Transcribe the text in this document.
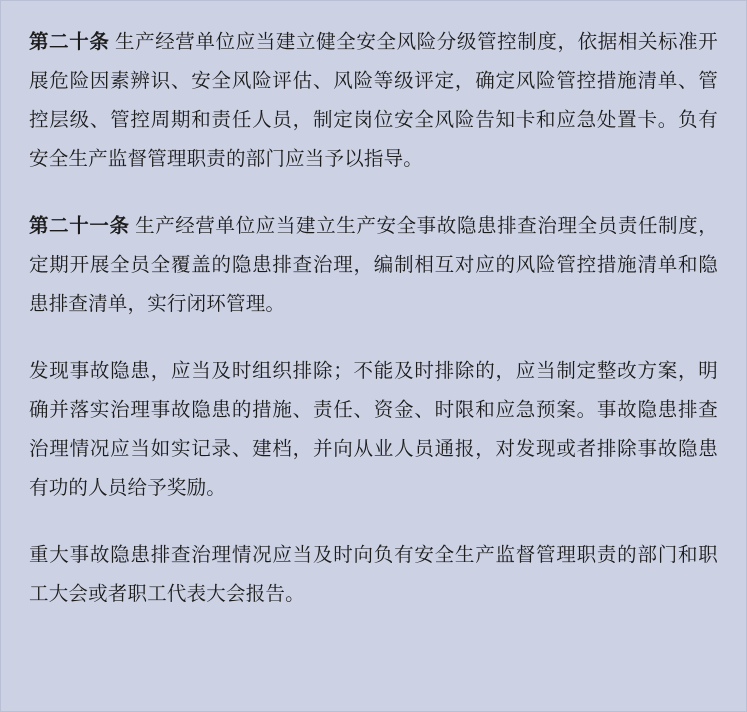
第二十条 生产经营单位应当建立健全安全风险分级管控制度，依据相关标准开展危险因素辨识、安全风险评估、风险等级评定，确定风险管控措施清单、管控层级、管控周期和责任人员，制定岗位安全风险告知卡和应急处置卡。负有安全生产监督管理职责的部门应当予以指导。

第二十一条 生产经营单位应当建立生产安全事故隐患排查治理全员责任制度，定期开展全员全覆盖的隐患排查治理，编制相互对应的风险管控措施清单和隐患排查清单，实行闭环管理。

发现事故隐患，应当及时组织排除；不能及时排除的，应当制定整改方案，明确并落实治理事故隐患的措施、责任、资金、时限和应急预案。事故隐患排查治理情况应当如实记录、建档，并向从业人员通报，对发现或者排除事故隐患有功的人员给予奖励。

重大事故隐患排查治理情况应当及时向负有安全生产监督管理职责的部门和职工大会或者职工代表大会报告。
